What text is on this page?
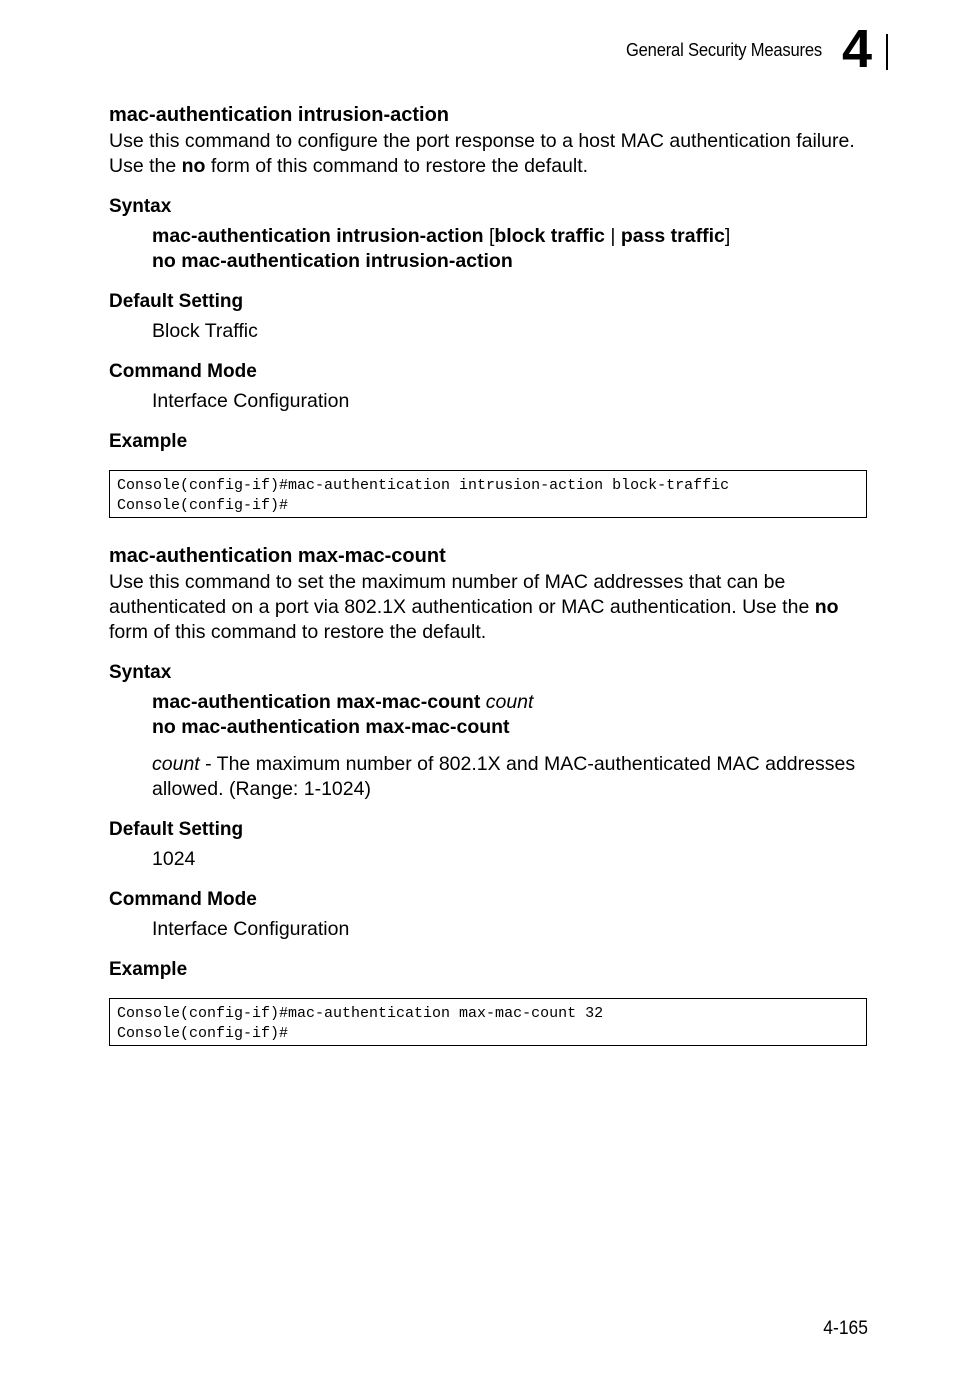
General Security Measures 4
mac-authentication intrusion-action

Use this command to configure the port response to a host MAC authentication failure. Use the no form of this command to restore the default.

Syntax
mac-authentication intrusion-action [block traffic | pass traffic]
no mac-authentication intrusion-action
Default Setting
Block Traffic
Command Mode
Interface Configuration
Example
Console(config-if)#mac-authentication intrusion-action block-traffic
Console(config-if)#
mac-authentication max-mac-count

Use this command to set the maximum number of MAC addresses that can be authenticated on a port via 802.1X authentication or MAC authentication. Use the no form of this command to restore the default.

Syntax
mac-authentication max-mac-count count
no mac-authentication max-mac-count
count - The maximum number of 802.1X and MAC-authenticated MAC addresses allowed. (Range: 1-1024)
Default Setting
1024
Command Mode
Interface Configuration
Example
Console(config-if)#mac-authentication max-mac-count 32
Console(config-if)#
4-165
